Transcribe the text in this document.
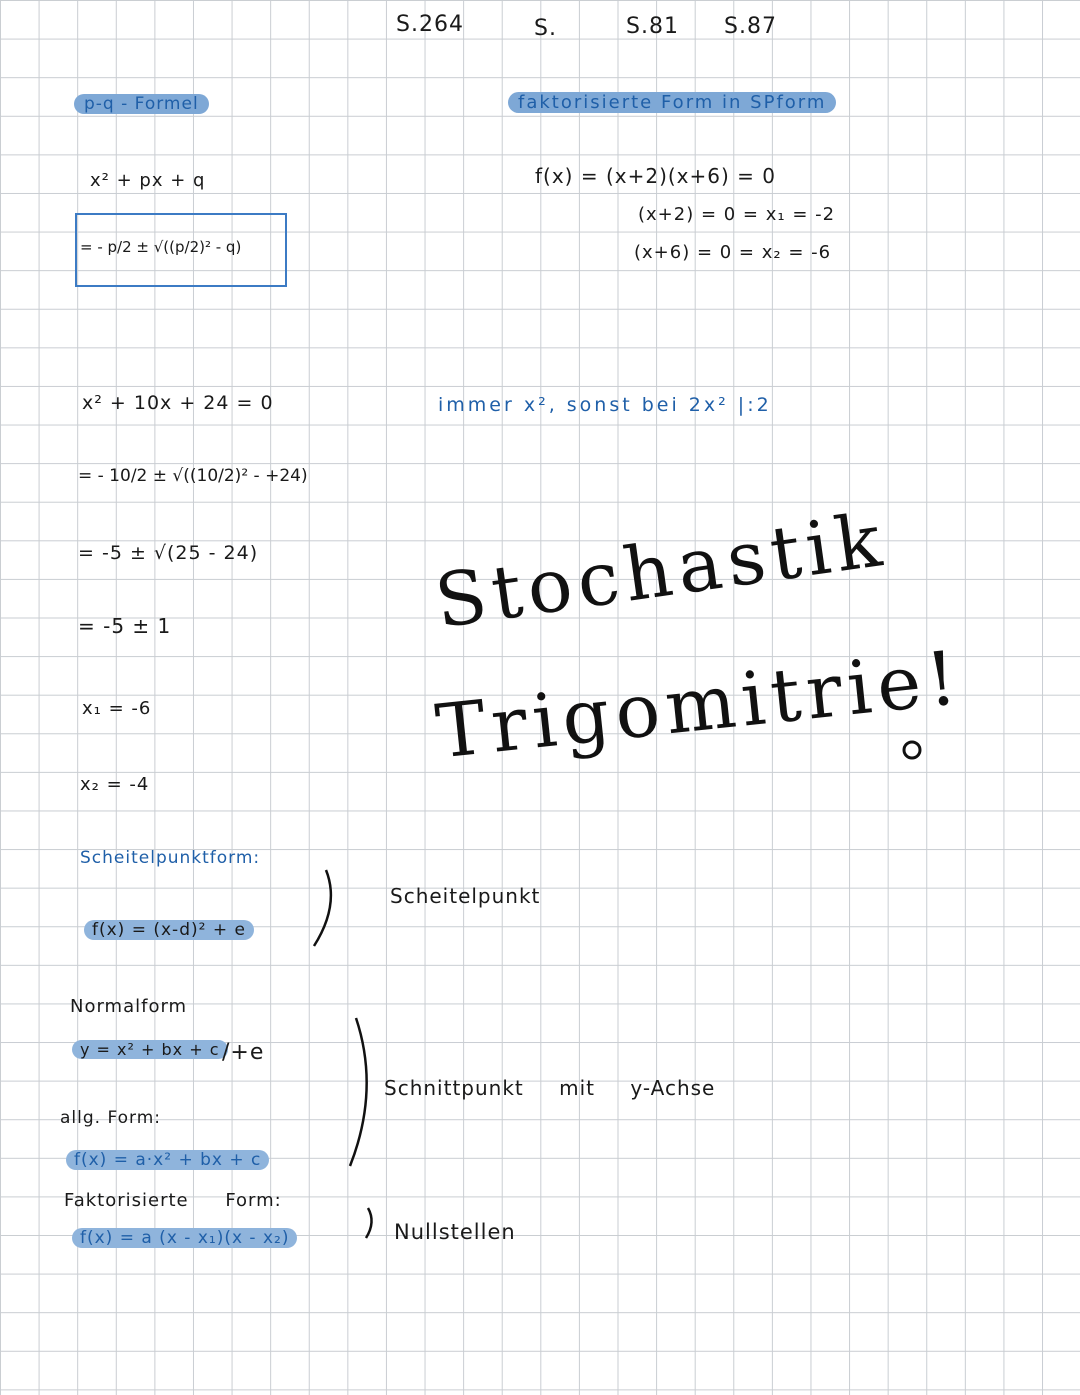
S.264	S.	S.81 S.87
p-q - Formel
x² + px + q
= - p/2 ± √((p/2)² - q)
faktorisierte Form in SPform
f(x) = (x+2)(x+6) = 0
(x+2) = 0 = x₁ = -2
(x+6) = 0 = x₂ = -6
x² + 10x + 24 = 0
= - 10/2 ± √((10/2)² - +24)
= -5 ± √(25 - 24)
= -5 ± 1
x₁ = -6
x₂ = -4
immer x², sonst bei 2x² |:2
Stochastik
Trigomitrie!
Scheitelpunktform:
f(x) = (x-d)² + e
Scheitelpunkt
Normalform
y = x² + bx + c /+e
allg. Form:
f(x) = a·x² + bx + c
Schnittpunkt mit y-Achse
Faktorisierte Form:
f(x) = a (x - x₁)(x - x₂)	Nullstellen
